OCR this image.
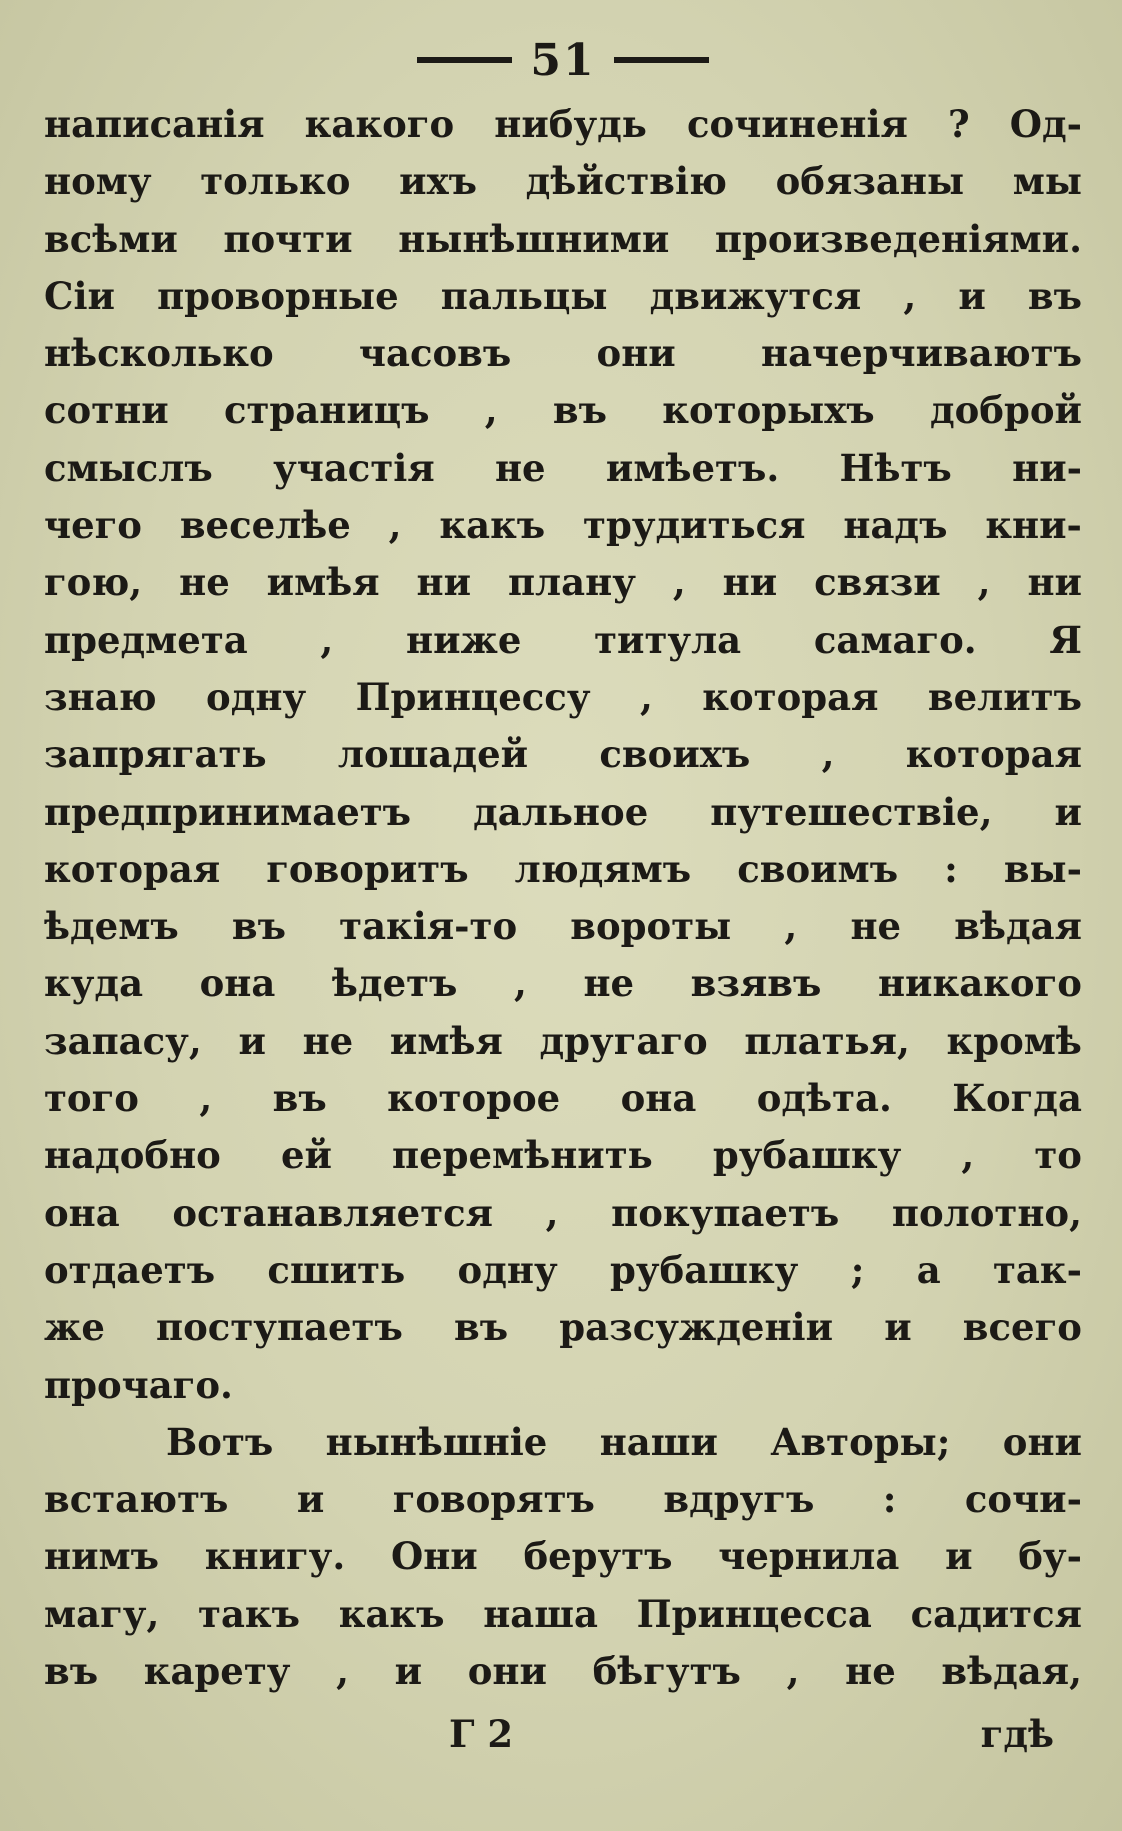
51
написанія какого нибудь сочиненія ? Од-
ному только ихъ дѣйствію обязаны мы
всѣми почти нынѣшними произведеніями.
Сіи проворные пальцы движутся , и въ
нѣсколько часовъ они начерчиваютъ
сотни страницъ , въ которыхъ доброй
смыслъ участія не имѣетъ. Нѣтъ ни-
чего веселѣе , какъ трудиться надъ кни-
гою, не имѣя ни плану , ни связи , ни
предмета , ниже титула самаго. Я
знаю одну Принцессу , которая велитъ
запрягать лошадей своихъ , которая
предпринимаетъ дальное путешествіе, и
которая говоритъ людямъ своимъ : вы-
ѣдемъ въ такія-то вороты , не вѣдая
куда она ѣдетъ , не взявъ никакого
запасу, и не имѣя другаго платья, кромѣ
того , въ которое она одѣта. Когда
надобно ей перемѣнить рубашку , то
она останавляется , покупаетъ полотно,
отдаетъ сшить одну рубашку ; а так-
же поступаетъ въ разсужденіи и всего
прочаго.
Вотъ нынѣшніе наши Авторы; они
встаютъ и говорятъ вдругъ : сочи-
нимъ книгу. Они берутъ чернила и бу-
магу, такъ какъ наша Принцесса садится
въ карету , и они бѣгутъ , не вѣдая,
Г 2	гдѣ
